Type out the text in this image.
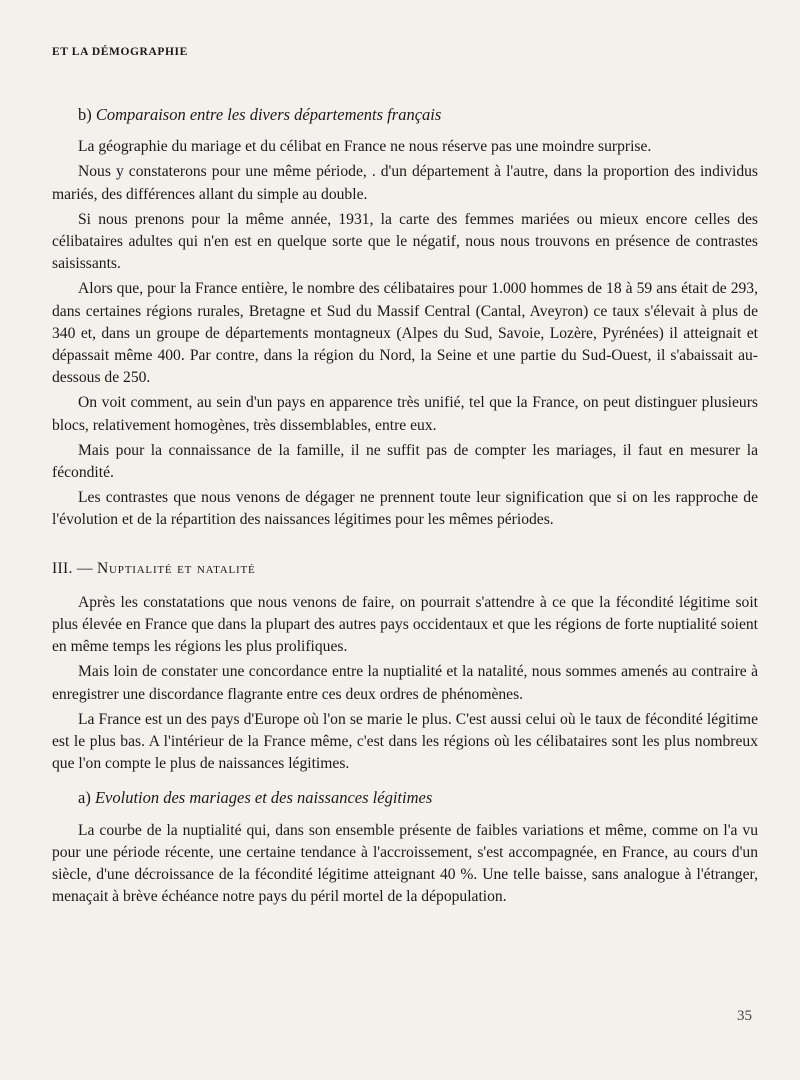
ET LA DÉMOGRAPHIE
b) Comparaison entre les divers départements français

La géographie du mariage et du célibat en France ne nous réserve pas une moindre surprise.

Nous y constaterons pour une même période, . d'un département à l'autre, dans la proportion des individus mariés, des différences allant du simple au double.

Si nous prenons pour la même année, 1931, la carte des femmes mariées ou mieux encore celles des célibataires adultes qui n'en est en quelque sorte que le négatif, nous nous trouvons en présence de contrastes saisissants.

Alors que, pour la France entière, le nombre des célibataires pour 1.000 hommes de 18 à 59 ans était de 293, dans certaines régions rurales, Bretagne et Sud du Massif Central (Cantal, Aveyron) ce taux s'élevait à plus de 340 et, dans un groupe de départements montagneux (Alpes du Sud, Savoie, Lozère, Pyrénées) il atteignait et dépassait même 400. Par contre, dans la région du Nord, la Seine et une partie du Sud-Ouest, il s'abaissait au-dessous de 250.

On voit comment, au sein d'un pays en apparence très unifié, tel que la France, on peut distinguer plusieurs blocs, relativement homogènes, très dissemblables, entre eux.

Mais pour la connaissance de la famille, il ne suffit pas de compter les mariages, il faut en mesurer la fécondité.

Les contrastes que nous venons de dégager ne prennent toute leur signification que si on les rapproche de l'évolution et de la répartition des naissances légitimes pour les mêmes périodes.

III. — Nuptialité et natalité

Après les constatations que nous venons de faire, on pourrait s'attendre à ce que la fécondité légitime soit plus élevée en France que dans la plupart des autres pays occidentaux et que les régions de forte nuptialité soient en même temps les régions les plus prolifiques.

Mais loin de constater une concordance entre la nuptialité et la natalité, nous sommes amenés au contraire à enregistrer une discordance flagrante entre ces deux ordres de phénomènes.

La France est un des pays d'Europe où l'on se marie le plus. C'est aussi celui où le taux de fécondité légitime est le plus bas. A l'intérieur de la France même, c'est dans les régions où les célibataires sont les plus nombreux que l'on compte le plus de naissances légitimes.

a) Evolution des mariages et des naissances légitimes

La courbe de la nuptialité qui, dans son ensemble présente de faibles variations et même, comme on l'a vu pour une période récente, une certaine tendance à l'accroissement, s'est accompagnée, en France, au cours d'un siècle, d'une décroissance de la fécondité légitime atteignant 40 %. Une telle baisse, sans analogue à l'étranger, menaçait à brève échéance notre pays du péril mortel de la dépopulation.

35
